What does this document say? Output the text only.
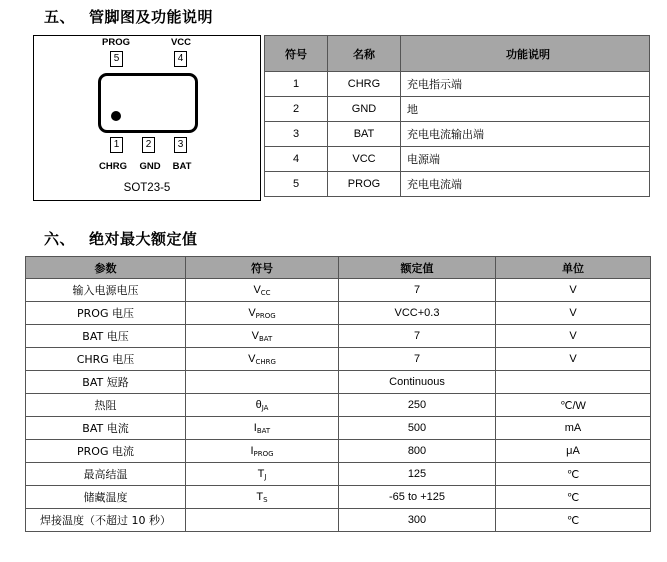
五、 管脚图及功能说明
PROG	VCC
5	4
1	2	3
CHRG GND BAT
SOT23-5
符号	名称	功能说明
1	CHRG	充电指示端
2	GND	地
3	BAT	充电电流输出端
4	VCC	电源端
5	PROG	充电电流端
六、 绝对最大额定值
参数	符号	额定值	单位
输入电源电压	$V_{CC}$	7	V
PROG 电压	$V_{PROG}$	VCC+0.3	V
BAT 电压	$V_{BAT}$	7	V
CHRG 电压	$V_{CHRG}$	7	V
BAT 短路		Continuous	
热阻	$\theta_{JA}$	250	℃/W
BAT 电流	$I_{BAT}$	500	mA
PROG 电流	$I_{PROG}$	800	μA
最高结温	$T_J$	125	℃
储藏温度	$T_S$	-65 to +125	℃
焊接温度（不超过 10 秒）		300	℃
